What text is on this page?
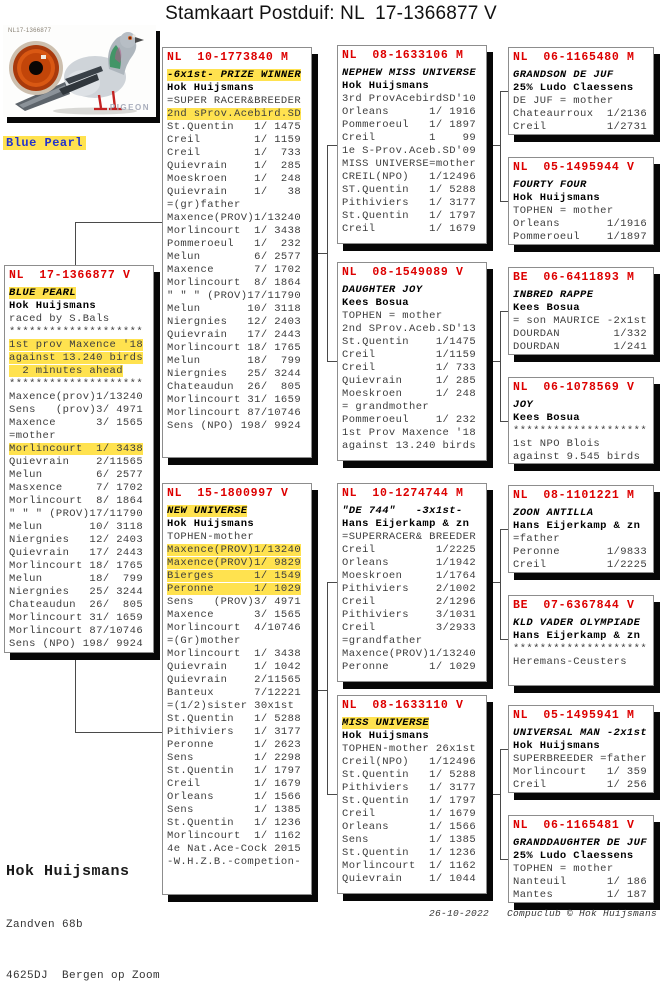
Stamkaart Postduif: NL  17-1366877 V
NL17-1366877
PIGEON
Blue Pearl
NL  17-1366877 V
BLUE PEARL
Hok Huijsmans
raced by S.Bals
********************
1st prov Maxence '18
against 13.240 birds
2 minutes ahead
********************
Maxence(prov)1/13240
Sens   (prov)3/ 4971
Maxence      3/ 1565
=mother
Morlincourt  1/ 3438
Quievrain    2/11565
Melun        6/ 2577
Masxence     7/ 1702
Morlincourt  8/ 1864
" " " (PROV)17/11790
Melun       10/ 3118
Niergnies   12/ 2403
Quievrain   17/ 2443
Morlincourt 18/ 1765
Melun       18/  799
Niergnies   25/ 3244
Chateaudun  26/  805
Morlincourt 31/ 1659
Morlincourt 87/10746
Sens (NPO) 198/ 9924
NL  10-1773840 M
-6x1st- PRIZE WINNER
Hok Huijsmans
=SUPER RACER&BREEDER
2nd sProv.Acebird.SD
St.Quentin   1/ 1475
Creil        1/ 1159
Creil        1/  733
Quievrain    1/  285
Moeskroen    1/  248
Quievrain    1/   38
=(gr)father
Maxence(PROV)1/13240
Morlincourt  1/ 3438
Pommeroeul   1/  232
Melun        6/ 2577
Maxence      7/ 1702
Morlincourt  8/ 1864
" " " (PROV)17/11790
Melun       10/ 3118
Niergnies   12/ 2403
Quievrain   17/ 2443
Morlincourt 18/ 1765
Melun       18/  799
Niergnies   25/ 3244
Chateaudun  26/  805
Morlincourt 31/ 1659
Morlincourt 87/10746
Sens (NPO) 198/ 9924
NL  15-1800997 V
NEW UNIVERSE
Hok Huijsmans
TOPHEN-mother
Maxence(PROV)1/13240
Maxence(PROV)1/ 9829
Bierges      1/ 1549
Peronne      1/ 1029
Sens   (PROV)3/ 4971
Maxence      3/ 1565
Morlincourt  4/10746
=(Gr)mother
Morlincourt  1/ 3438
Quievrain    1/ 1042
Quievrain    2/11565
Banteux      7/12221
=(1/2)sister 30x1st
St.Quentin   1/ 5288
Pithiviers   1/ 3177
Peronne      1/ 2623
Sens         1/ 2298
St.Quentin   1/ 1797
Creil        1/ 1679
Orleans      1/ 1566
Sens         1/ 1385
St.Quentin   1/ 1236
Morlincourt  1/ 1162
4e Nat.Ace-Cock 2015
-W.H.Z.B.-competion-
NL  08-1633106 M
NEPHEW MISS UNIVERSE
Hok Huijsmans
3rd ProvAcebirdSD'10
Orleans      1/ 1916
Pommeroeul   1/ 1897
Creil        1    99
1e S-Prov.Aceb.SD'09
MISS UNIVERSE=mother
CREIL(NPO)   1/12496
ST.Quentin   1/ 5288
Pithiviers   1/ 3177
St.Quentin   1/ 1797
Creil        1/ 1679
NL  08-1549089 V
DAUGHTER JOY
Kees Bosua
TOPHEN = mother
2nd SProv.Aceb.SD'13
St.Quentin    1/1475
Creil         1/1159
Creil         1/ 733
Quievrain     1/ 285
Moeskroen     1/ 248
= grandmother
Pommeroeul    1/ 232
1st Prov Maxence '18
against 13.240 birds
NL  10-1274744 M
"DE 744"   -3x1st-
Hans Eijerkamp & zn
=SUPERRACER& BREEDER
Creil         1/2225
Orleans       1/1942
Moeskroen     1/1764
Pithiviers    2/1002
Creil         2/1296
Pithiviers    3/1031
Creil         3/2933
=grandfather
Maxence(PROV)1/13240
Peronne      1/ 1029
NL  08-1633110 V
MISS UNIVERSE
Hok Huijsmans
TOPHEN-mother 26x1st
Creil(NPO)   1/12496
St.Quentin   1/ 5288
Pithiviers   1/ 3177
St.Quentin   1/ 1797
Creil        1/ 1679
Orleans      1/ 1566
Sens         1/ 1385
St.Quentin   1/ 1236
Morlincourt  1/ 1162
Quievrain    1/ 1044
NL  06-1165480 M
GRANDSON DE JUF
25% Ludo Claessens
DE JUF = mother
Chateaurroux  1/2136
Creil         1/2731
NL  05-1495944 V
FOURTY FOUR
Hok Huijsmans
TOPHEN = mother
Orleans       1/1916
Pommeroeul    1/1897
BE  06-6411893 M
INBRED RAPPE
Kees Bosua
= son MAURICE -2x1st
DOURDAN        1/332
DOURDAN        1/241
NL  06-1078569 V
JOY
Kees Bosua
********************
1st NPO Blois
against 9.545 birds
NL  08-1101221 M
ZOON ANTILLA
Hans Eijerkamp & zn
=father
Peronne       1/9833
Creil         1/2225
BE  07-6367844 V
KLD VADER OLYMPIADE
Hans Eijerkamp & zn
********************
Heremans-Ceusters
NL  05-1495941 M
UNIVERSAL MAN -2x1st
Hok Huijsmans
SUPERBREEDER =father
Morlincourt   1/ 359
Creil         1/ 256
NL  06-1165481 V
GRANDDAUGHTER DE JUF
25% Ludo Claessens
TOPHEN = mother
Nanteuil      1/ 186
Mantes        1/ 187

Hok Huijsmans

Zandven 68b

4625DJ  Bergen op Zoom

26-10-2022   Compuclub © Hok Huijsmans
